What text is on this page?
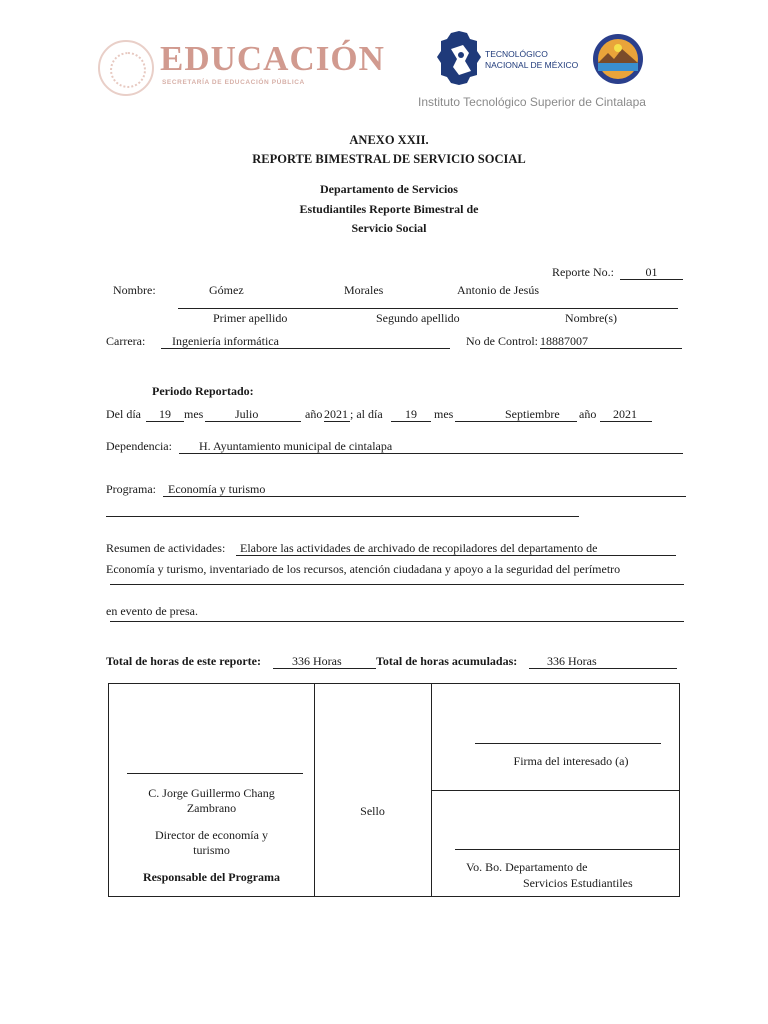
EDUCACIÓN
SECRETARÍA DE EDUCACIÓN PÚBLICA
TECNOLÓGICO
NACIONAL DE MÉXICO
Instituto Tecnológico Superior de Cintalapa
ANEXO XXII.
REPORTE BIMESTRAL DE SERVICIO SOCIAL
Departamento de Servicios
Estudiantiles Reporte Bimestral de
Servicio Social
Reporte No.:	01
Nombre:	Gómez	Morales	Antonio de Jesús
Primer apellido	Segundo apellido	Nombre(s)
Carrera:	Ingeniería informática	No de Control: 18887007
Periodo Reportado:
Del día	19	mes	Julio	año 2021 ; al día	19	mes	Septiembre	año	2021
Dependencia:	H. Ayuntamiento municipal de cintalapa
Programa:	Economía y turismo
Resumen de actividades:	Elabore las actividades de archivado de recopiladores del departamento de
Economía y turismo, inventariado de los recursos, atención ciudadana y apoyo a la seguridad del perímetro
en evento de presa.
Total de horas de este reporte:	336 Horas	Total de horas acumuladas:	336 Horas
C. Jorge Guillermo Chang
Zambrano
Director de economía y
turismo
Responsable del Programa
Sello
Firma del interesado (a)
Vo. Bo. Departamento de
Servicios Estudiantiles
